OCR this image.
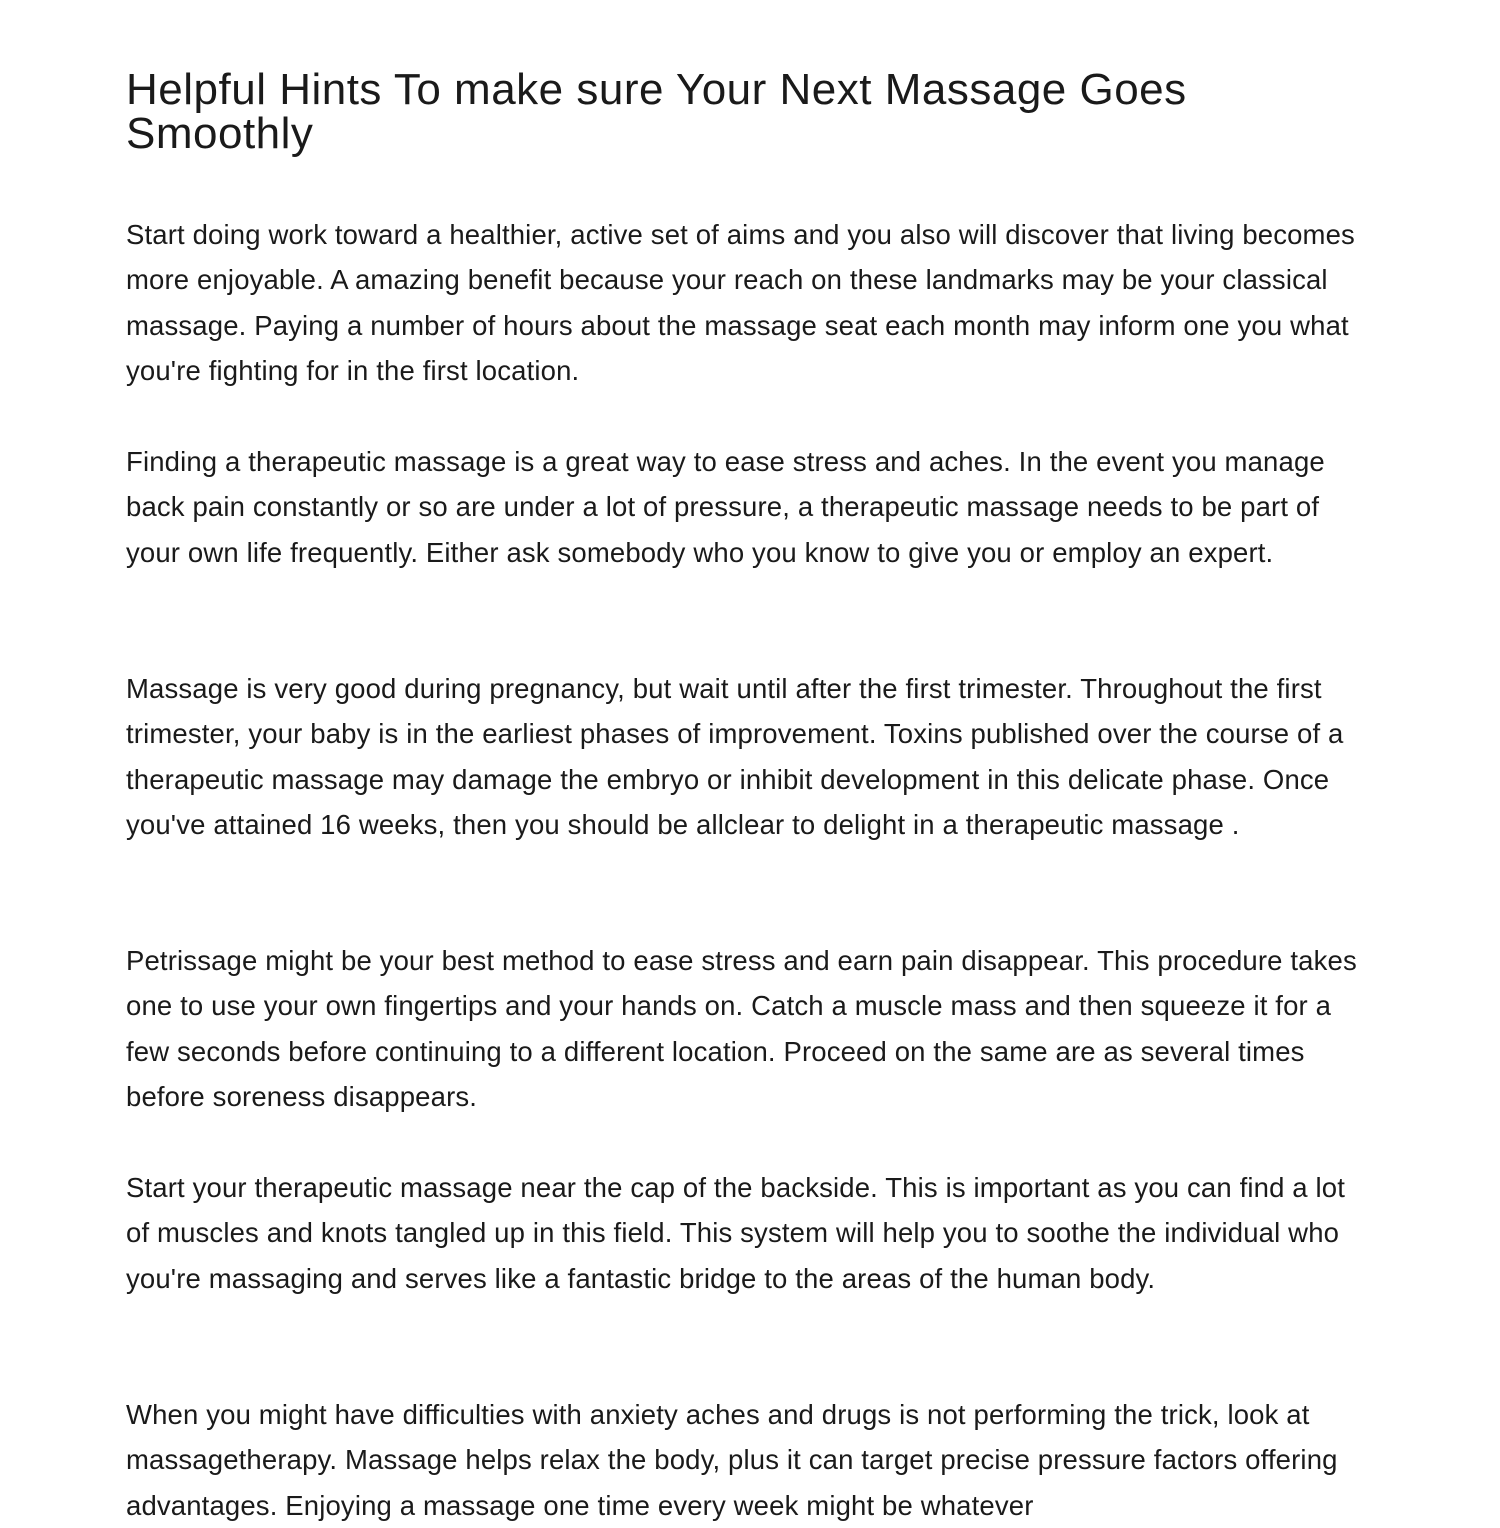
Helpful Hints To make sure Your Next Massage Goes Smoothly

Start doing work toward a healthier, active set of aims and you also will discover that living becomes more enjoyable. A amazing benefit because your reach on these landmarks may be your classical massage. Paying a number of hours about the massage seat each month may inform one you what you're fighting for in the first location.

Finding a therapeutic massage is a great way to ease stress and aches. In the event you manage back pain constantly or so are under a lot of pressure, a therapeutic massage needs to be part of your own life frequently. Either ask somebody who you know to give you or employ an expert.

Massage is very good during pregnancy, but wait until after the first trimester. Throughout the first trimester, your baby is in the earliest phases of improvement. Toxins published over the course of a therapeutic massage may damage the embryo or inhibit development in this delicate phase. Once you've attained 16 weeks, then you should be allclear to delight in a therapeutic massage .

Petrissage might be your best method to ease stress and earn pain disappear. This procedure takes one to use your own fingertips and your hands on. Catch a muscle mass and then squeeze it for a few seconds before continuing to a different location. Proceed on the same are as several times before soreness disappears.

Start your therapeutic massage near the cap of the backside. This is important as you can find a lot of muscles and knots tangled up in this field. This system will help you to soothe the individual who you're massaging and serves like a fantastic bridge to the areas of the human body.

When you might have difficulties with anxiety aches and drugs is not performing the trick, look at massagetherapy. Massage helps relax the body, plus it can target precise pressure factors offering advantages. Enjoying a massage one time every week might be whatever
